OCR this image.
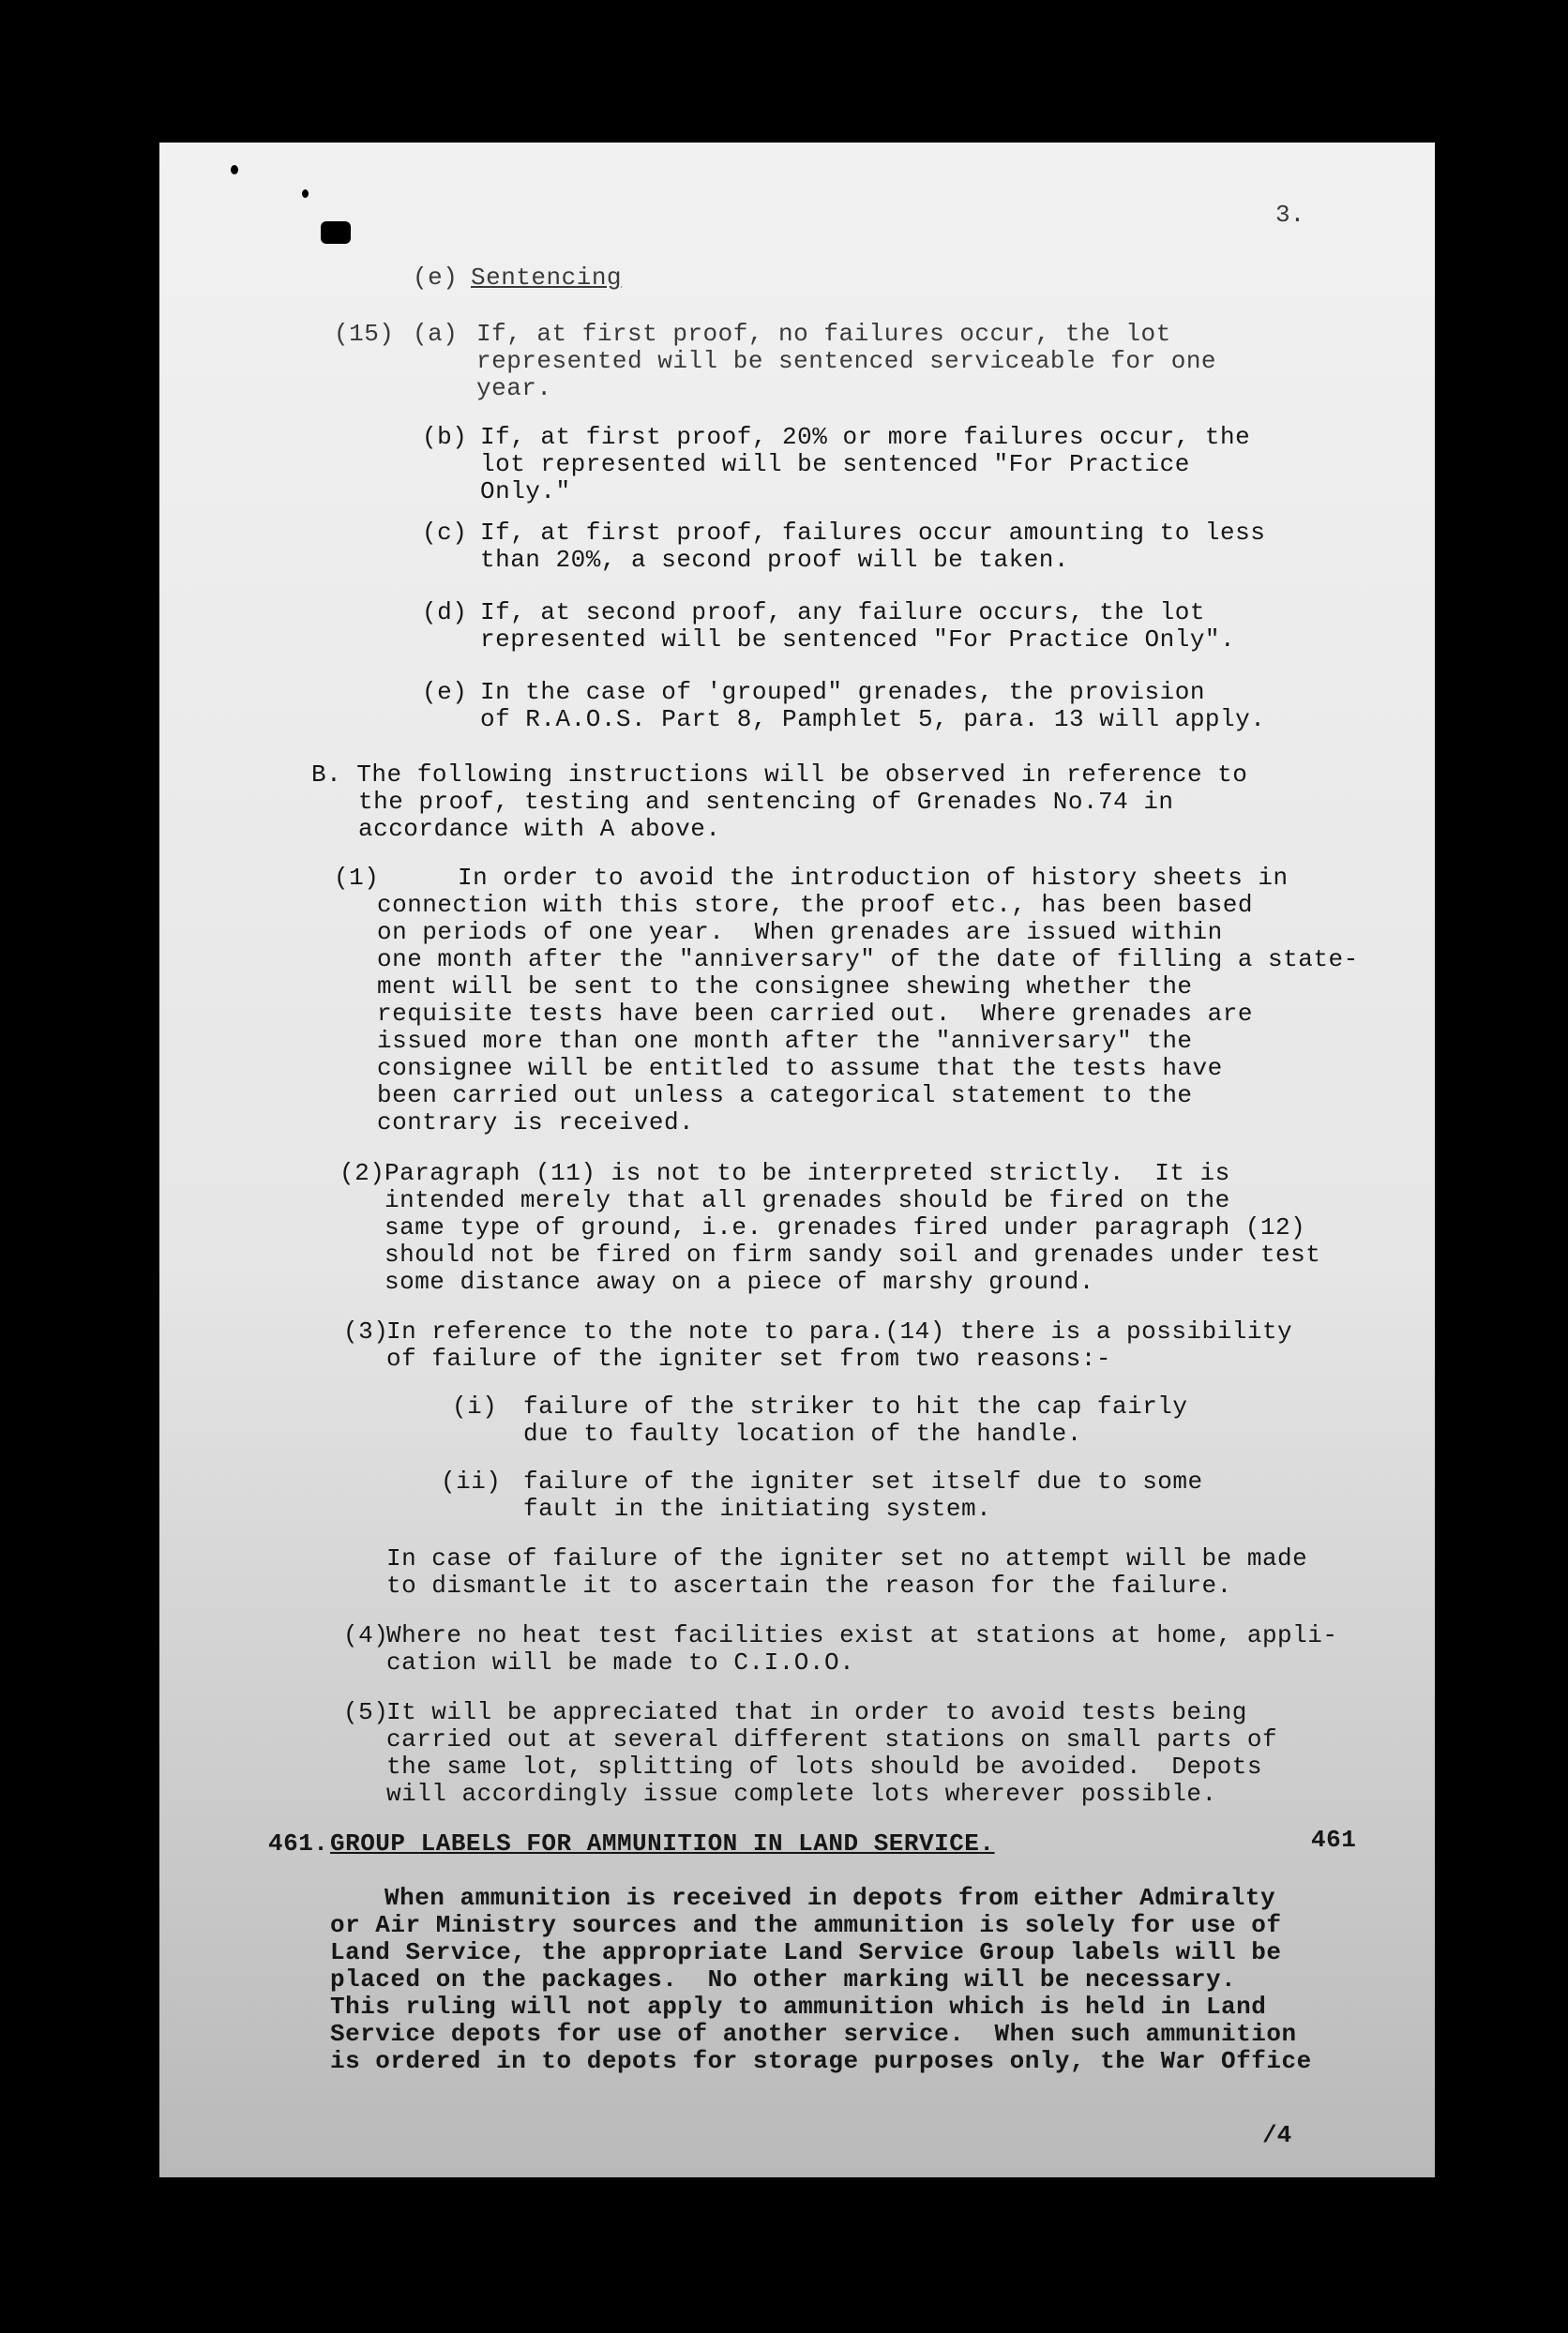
3.
(e) Sentencing
(15) (a) If, at first proof, no failures occur, the lot
represented will be sentenced serviceable for one
year.
(b) If, at first proof, 20% or more failures occur, the
lot represented will be sentenced "For Practice
Only."
(c) If, at first proof, failures occur amounting to less
than 20%, a second proof will be taken.
(d) If, at second proof, any failure occurs, the lot
represented will be sentenced "For Practice Only".
(e) In the case of 'grouped" grenades, the provision
of R.A.O.S. Part 8, Pamphlet 5, para. 13 will apply.
B. The following instructions will be observed in reference to
the proof, testing and sentencing of Grenades No.74 in
accordance with A above.
(1)	In order to avoid the introduction of history sheets in
connection with this store, the proof etc., has been based
on periods of one year.  When grenades are issued within
one month after the "anniversary" of the date of filling a state-
ment will be sent to the consignee shewing whether the
requisite tests have been carried out.  Where grenades are
issued more than one month after the "anniversary" the
consignee will be entitled to assume that the tests have
been carried out unless a categorical statement to the
contrary is received.
(2) Paragraph (11) is not to be interpreted strictly.  It is
intended merely that all grenades should be fired on the
same type of ground, i.e. grenades fired under paragraph (12)
should not be fired on firm sandy soil and grenades under test
some distance away on a piece of marshy ground.
(3)
In reference to the note to para.(14) there is a possibility
of failure of the igniter set from two reasons:-
(i) failure of the striker to hit the cap fairly
due to faulty location of the handle.
(ii) failure of the igniter set itself due to some
fault in the initiating system.
In case of failure of the igniter set no attempt will be made
to dismantle it to ascertain the reason for the failure.
(4)
Where no heat test facilities exist at stations at home, appli-
cation will be made to C.I.O.O.
(5)
It will be appreciated that in order to avoid tests being
carried out at several different stations on small parts of
the same lot, splitting of lots should be avoided.  Depots
will accordingly issue complete lots wherever possible.
461. GROUP LABELS FOR AMMUNITION IN LAND SERVICE.	461
When ammunition is received in depots from either Admiralty
or Air Ministry sources and the ammunition is solely for use of
Land Service, the appropriate Land Service Group labels will be
placed on the packages.  No other marking will be necessary.
This ruling will not apply to ammunition which is held in Land
Service depots for use of another service.  When such ammunition
is ordered in to depots for storage purposes only, the War Office
/4
